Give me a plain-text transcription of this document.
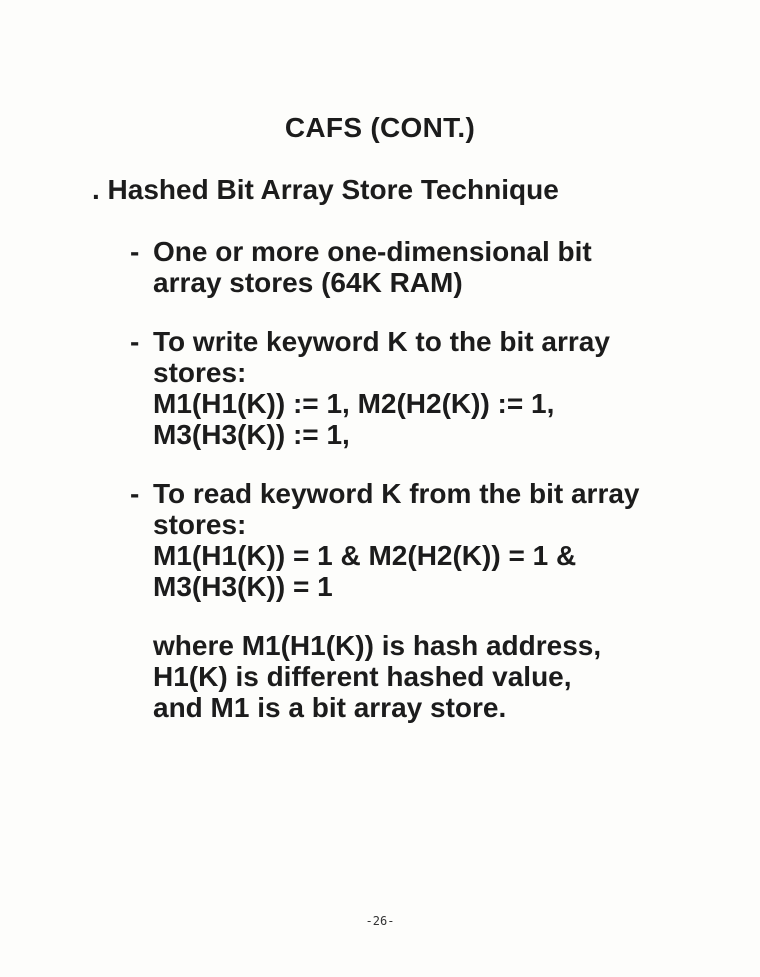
CAFS (CONT.)
. Hashed Bit Array Store Technique
- One or more one-dimensional bit
array stores (64K RAM)
- To write keyword K to the bit array
stores:
M1(H1(K)) := 1, M2(H2(K)) := 1,
M3(H3(K)) := 1,
- To read keyword K from the bit array
stores:
M1(H1(K)) = 1 & M2(H2(K)) = 1 &
M3(H3(K)) = 1
where M1(H1(K)) is hash address,
H1(K) is different hashed value,
and M1 is a bit array store.
-26-
